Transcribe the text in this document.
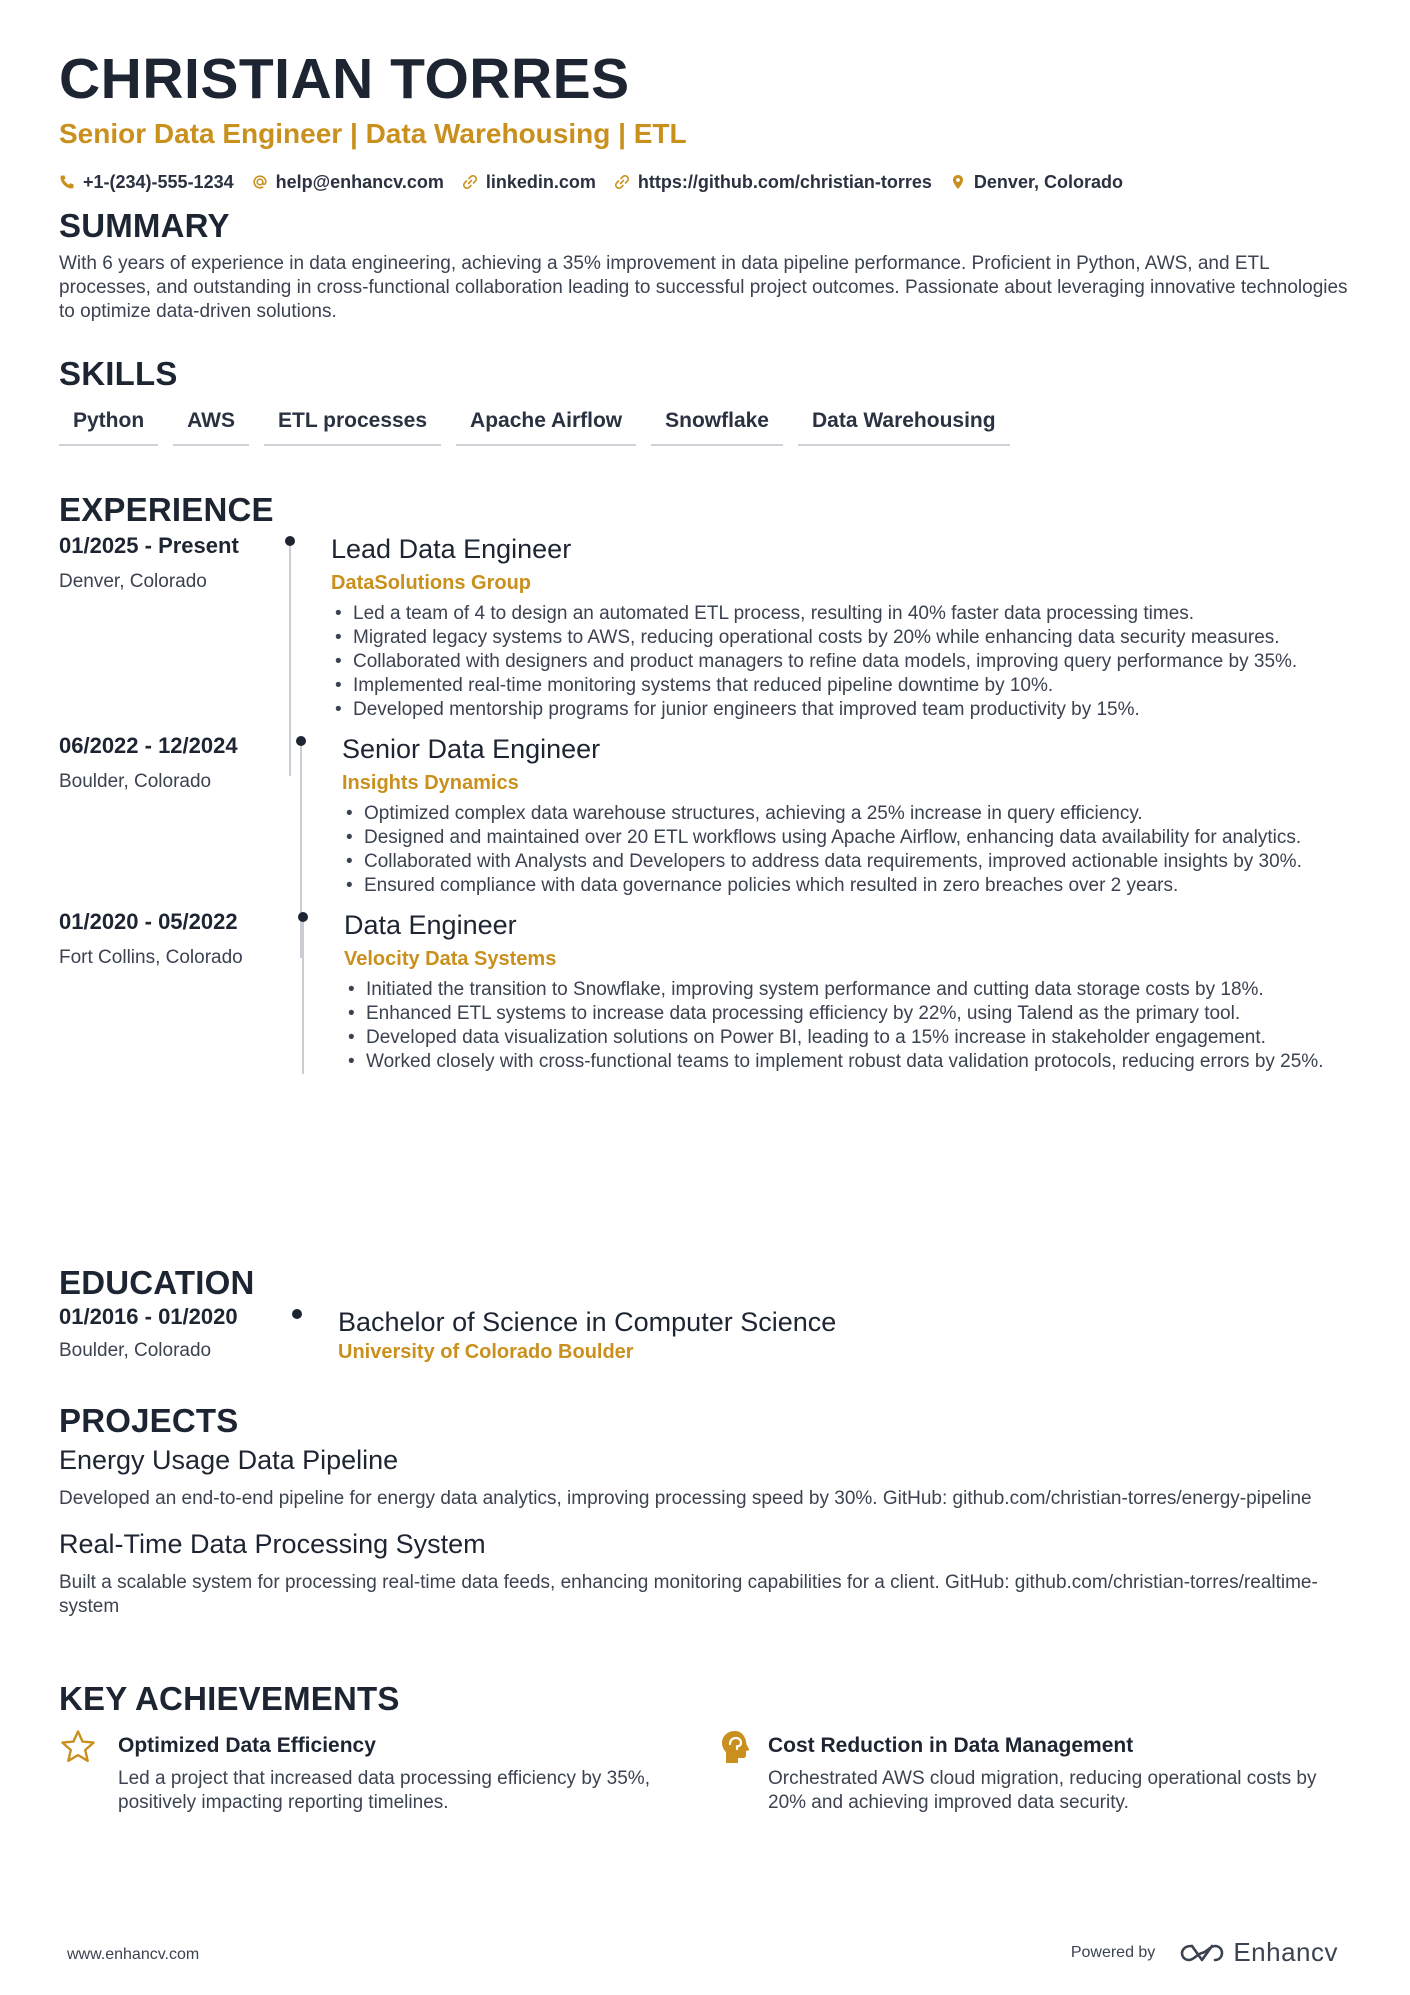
CHRISTIAN TORRES
Senior Data Engineer | Data Warehousing | ETL
+1-(234)-555-1234 help@enhancv.com linkedin.com https://github.com/christian-torres Denver, Colorado
SUMMARY
With 6 years of experience in data engineering, achieving a 35% improvement in data pipeline performance. Proficient in Python, AWS, and ETL processes, and outstanding in cross-functional collaboration leading to successful project outcomes. Passionate about leveraging innovative technologies to optimize data-driven solutions.
SKILLS
Python	AWS	ETL processes	Apache Airflow	Snowflake	Data Warehousing
EXPERIENCE
01/2025 - Present
Denver, Colorado
Lead Data Engineer
DataSolutions Group
• Led a team of 4 to design an automated ETL process, resulting in 40% faster data processing times.
• Migrated legacy systems to AWS, reducing operational costs by 20% while enhancing data security measures.
• Collaborated with designers and product managers to refine data models, improving query performance by 35%.
• Implemented real-time monitoring systems that reduced pipeline downtime by 10%.
• Developed mentorship programs for junior engineers that improved team productivity by 15%.
06/2022 - 12/2024
Boulder, Colorado
Senior Data Engineer
Insights Dynamics
• Optimized complex data warehouse structures, achieving a 25% increase in query efficiency.
• Designed and maintained over 20 ETL workflows using Apache Airflow, enhancing data availability for analytics.
• Collaborated with Analysts and Developers to address data requirements, improved actionable insights by 30%.
• Ensured compliance with data governance policies which resulted in zero breaches over 2 years.
01/2020 - 05/2022
Fort Collins, Colorado
Data Engineer
Velocity Data Systems
• Initiated the transition to Snowflake, improving system performance and cutting data storage costs by 18%.
• Enhanced ETL systems to increase data processing efficiency by 22%, using Talend as the primary tool.
• Developed data visualization solutions on Power BI, leading to a 15% increase in stakeholder engagement.
• Worked closely with cross-functional teams to implement robust data validation protocols, reducing errors by 25%.
EDUCATION
01/2016 - 01/2020
Boulder, Colorado
Bachelor of Science in Computer Science
University of Colorado Boulder
PROJECTS
Energy Usage Data Pipeline
Developed an end-to-end pipeline for energy data analytics, improving processing speed by 30%. GitHub: github.com/christian-torres/energy-pipeline
Real-Time Data Processing System
Built a scalable system for processing real-time data feeds, enhancing monitoring capabilities for a client. GitHub: github.com/christian-torres/realtime-system
KEY ACHIEVEMENTS
Optimized Data Efficiency
Led a project that increased data processing efficiency by 35%, positively impacting reporting timelines.
Cost Reduction in Data Management
Orchestrated AWS cloud migration, reducing operational costs by 20% and achieving improved data security.
www.enhancv.com	Powered by	Enhancv
